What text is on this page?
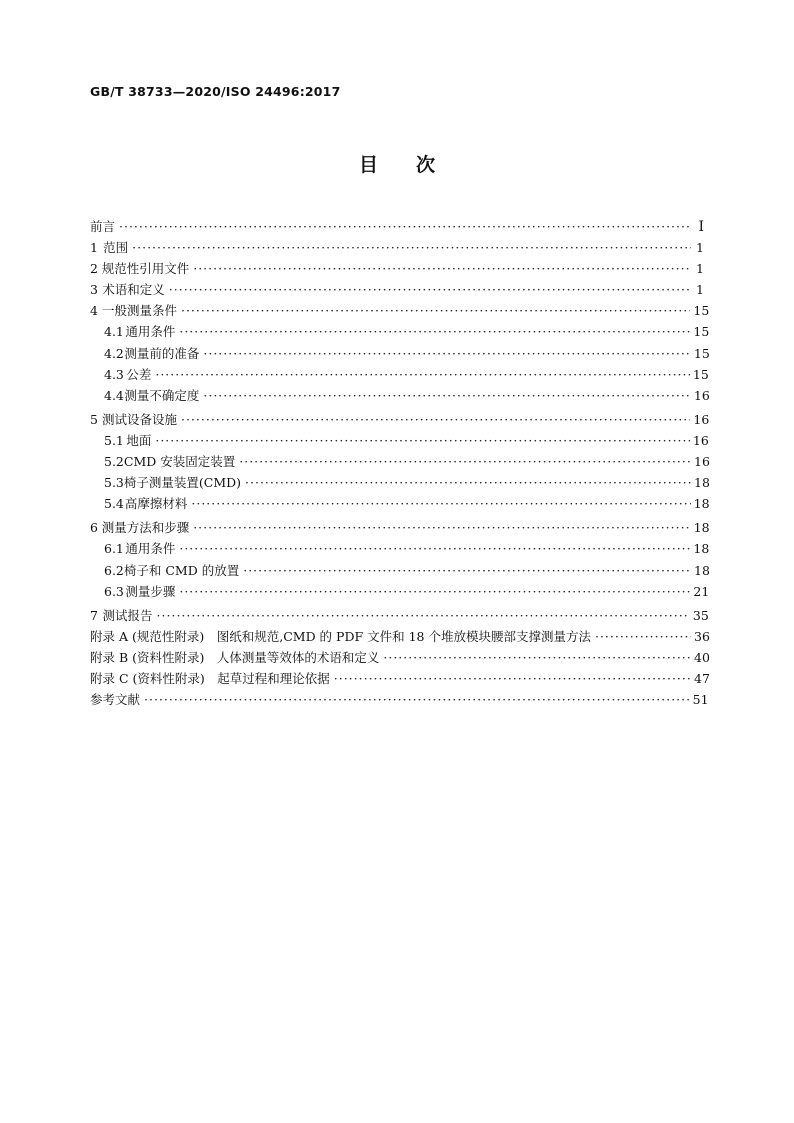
GB/T 38733—2020/ISO 24496:2017
目　　次
前言 ·····	Ⅰ
1 范围 ·····	1
2 规范性引用文件 ·····	1
3 术语和定义 ·····	1
4 一般测量条件 ·····	15
4.1 通用条件 ·····	15
4.2 测量前的准备 ·····	15
4.3 公差 ·····	15
4.4 测量不确定度 ·····	16
5 测试设备设施 ·····	16
5.1 地面 ·····	16
5.2 CMD 安装固定装置 ·····	16
5.3 椅子测量装置(CMD) ·····	18
5.4 高摩擦材料 ·····	18
6 测量方法和步骤 ·····	18
6.1 通用条件 ·····	18
6.2 椅子和 CMD 的放置 ·····	18
6.3 测量步骤 ·····	21
7 测试报告 ·····	35
附录 A (规范性附录)　图纸和规范,CMD 的 PDF 文件和 18 个堆放模块腰部支撑测量方法 ·····	36
附录 B (资料性附录)　人体测量等效体的术语和定义 ·····	40
附录 C (资料性附录)　起草过程和理论依据 ·····	47
参考文献 ·····	51
